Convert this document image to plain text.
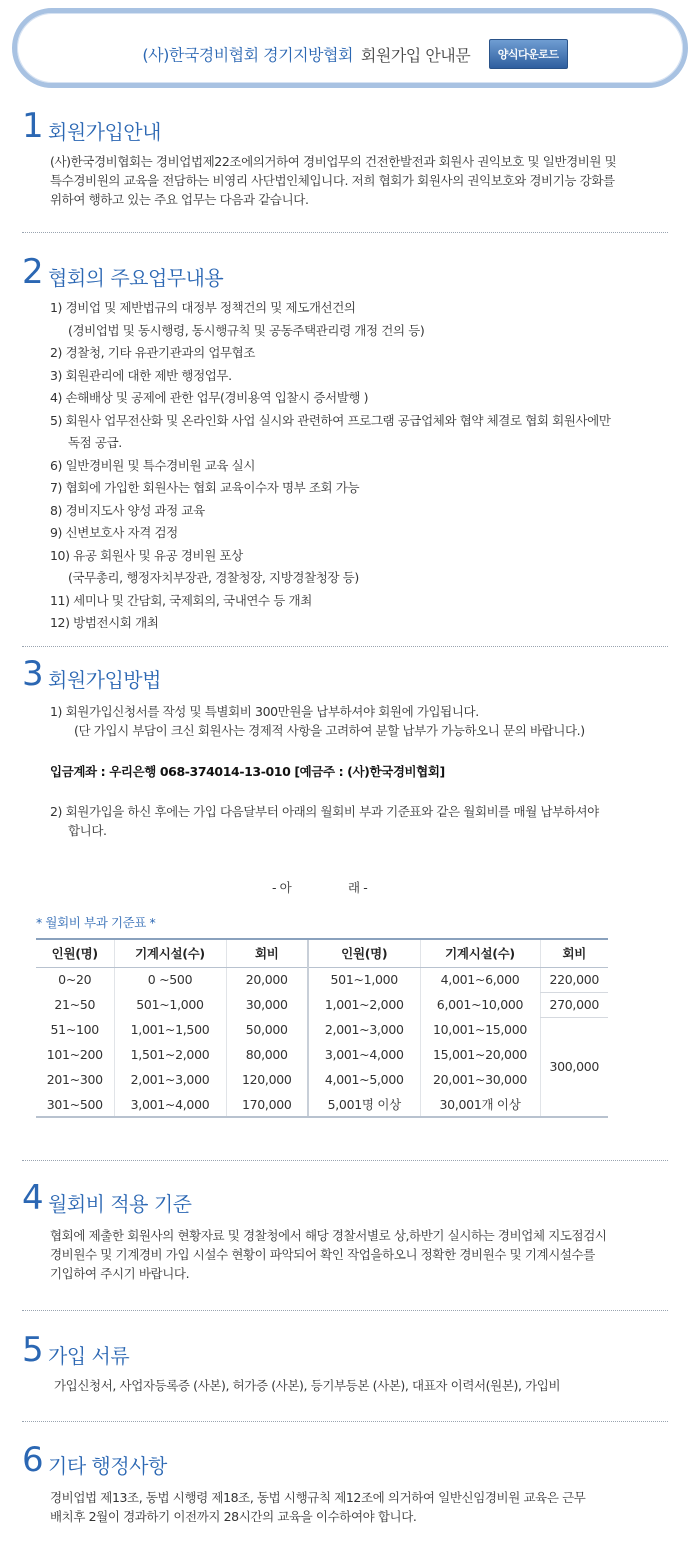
(사)한국경비협회 경기지방협회 회원가입 안내문	양식다운로드
1 회원가입안내
(사)한국경비협회는 경비업법제22조에의거하여 경비업무의 건전한발전과 회원사 권익보호 및 일반경비원 및
특수경비원의 교육을 전담하는 비영리 사단법인체입니다. 저희 협회가 회원사의 권익보호와 경비기능 강화를
위하여 행하고 있는 주요 업무는 다음과 같습니다.
2 협회의 주요업무내용
1) 경비업 및 제반법규의 대정부 정책건의 및 제도개선건의
(경비업법 및 동시행령, 동시행규칙 및 공동주택관리령 개정 건의 등)
2) 경찰청, 기타 유관기관과의 업무협조
3) 회원관리에 대한 제반 행정업무.
4) 손해배상 및 공제에 관한 업무(경비용역 입찰시 증서발행 )
5) 회원사 업무전산화 및 온라인화 사업 실시와 관련하여 프로그램 공급업체와 협약 체결로 협회 회원사에만
독점 공급.
6) 일반경비원 및 특수경비원 교육 실시
7) 협회에 가입한 회원사는 협회 교육이수자 명부 조회 가능
8) 경비지도사 양성 과정 교육
9) 신변보호사 자격 검정
10) 유공 회원사 및 유공 경비원 포상
(국무총리, 행정자치부장관, 경찰청장, 지방경찰청장 등)
11) 세미나 및 간담회, 국제회의, 국내연수 등 개최
12) 방범전시회 개최
3 회원가입방법
1) 회원가입신청서를 작성 및 특별회비 300만원을 납부하셔야 회원에 가입됩니다.
(단 가입시 부담이 크신 회원사는 경제적 사항을 고려하여 분할 납부가 가능하오니 문의 바랍니다.)
입금계좌 : 우리은행 068-374014-13-010 [예금주 : (사)한국경비협회]
2) 회원가입을 하신 후에는 가입 다음달부터 아래의 월회비 부과 기준표와 같은 월회비를 매월 납부하셔야
합니다.
- 아	래 -
* 월회비 부과 기준표 *
인원(명)	기계시설(수)	회비	인원(명)	기계시설(수)	회비
0~20	0 ~500	20,000	501~1,000	4,001~6,000	220,000
21~50	501~1,000	30,000	1,001~2,000	6,001~10,000	270,000
51~100	1,001~1,500	50,000	2,001~3,000	10,001~15,000	300,000
101~200	1,501~2,000	80,000	3,001~4,000	15,001~20,000	
201~300	2,001~3,000	120,000	4,001~5,000	20,001~30,000	
301~500	3,001~4,000	170,000	5,001명 이상	30,001개 이상	
4 월회비 적용 기준
협회에 제출한 회원사의 현황자료 및 경찰청에서 해당 경찰서별로 상,하반기 실시하는 경비업체 지도점검시
경비원수 및 기계경비 가입 시설수 현황이 파악되어 확인 작업을하오니 정확한 경비원수 및 기계시설수를
기입하여 주시기 바랍니다.
5 가입 서류
가입신청서, 사업자등록증 (사본), 허가증 (사본), 등기부등본 (사본), 대표자 이력서(원본), 가입비
6 기타 행정사항
경비업법 제13조, 동법 시행령 제18조, 동법 시행규칙 제12조에 의거하여 일반신임경비원 교육은 근무
배치후 2월이 경과하기 이전까지 28시간의 교육을 이수하여야 합니다.
